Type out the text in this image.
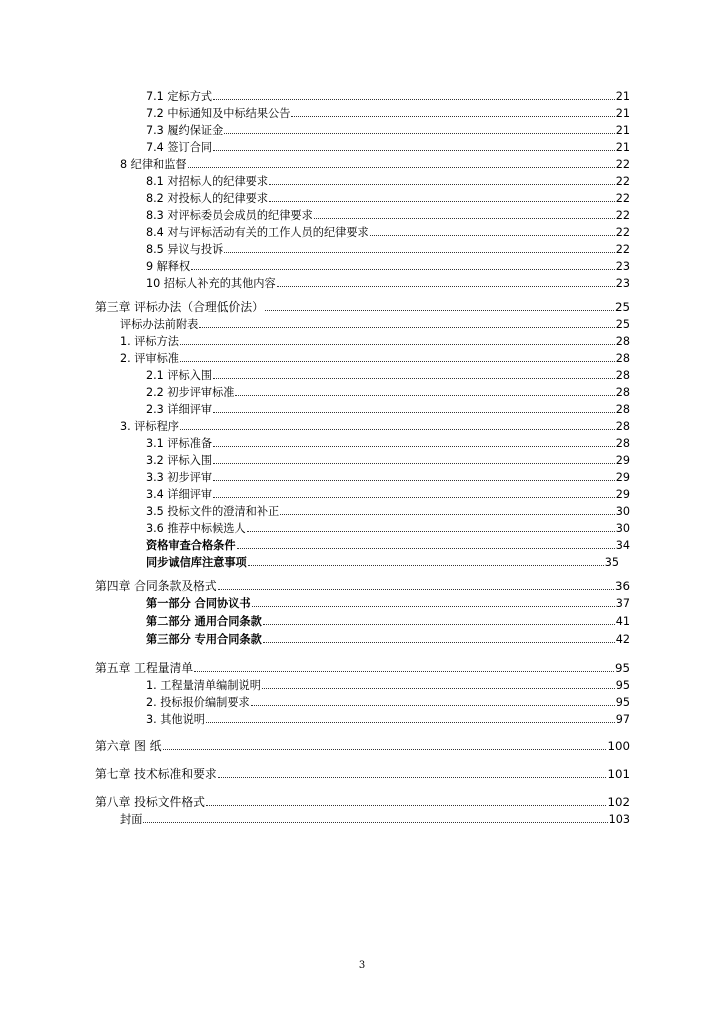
7.1 定标方式	21
7.2 中标通知及中标结果公告	21
7.3 履约保证金	21
7.4 签订合同	21
8 纪律和监督	22
8.1 对招标人的纪律要求	22
8.2 对投标人的纪律要求	22
8.3 对评标委员会成员的纪律要求	22
8.4 对与评标活动有关的工作人员的纪律要求	22
8.5 异议与投诉	22
9 解释权	23
10 招标人补充的其他内容	23
第三章 评标办法（合理低价法）	25
评标办法前附表	25
1. 评标方法	28
2. 评审标准	28
2.1 评标入围	28
2.2 初步评审标准	28
2.3 详细评审	28
3. 评标程序	28
3.1 评标准备	28
3.2 评标入围	29
3.3 初步评审	29
3.4 详细评审	29
3.5 投标文件的澄清和补正	30
3.6 推荐中标候选人	30
资格审查合格条件	34
同步诚信库注意事项	35
第四章 合同条款及格式	36
第一部分 合同协议书	37
第二部分 通用合同条款	41
第三部分 专用合同条款	42
第五章 工程量清单	95
1. 工程量清单编制说明	95
2. 投标报价编制要求	95
3. 其他说明	97
第六章 图 纸	100
第七章 技术标准和要求	101
第八章 投标文件格式	102
封面	103
3
